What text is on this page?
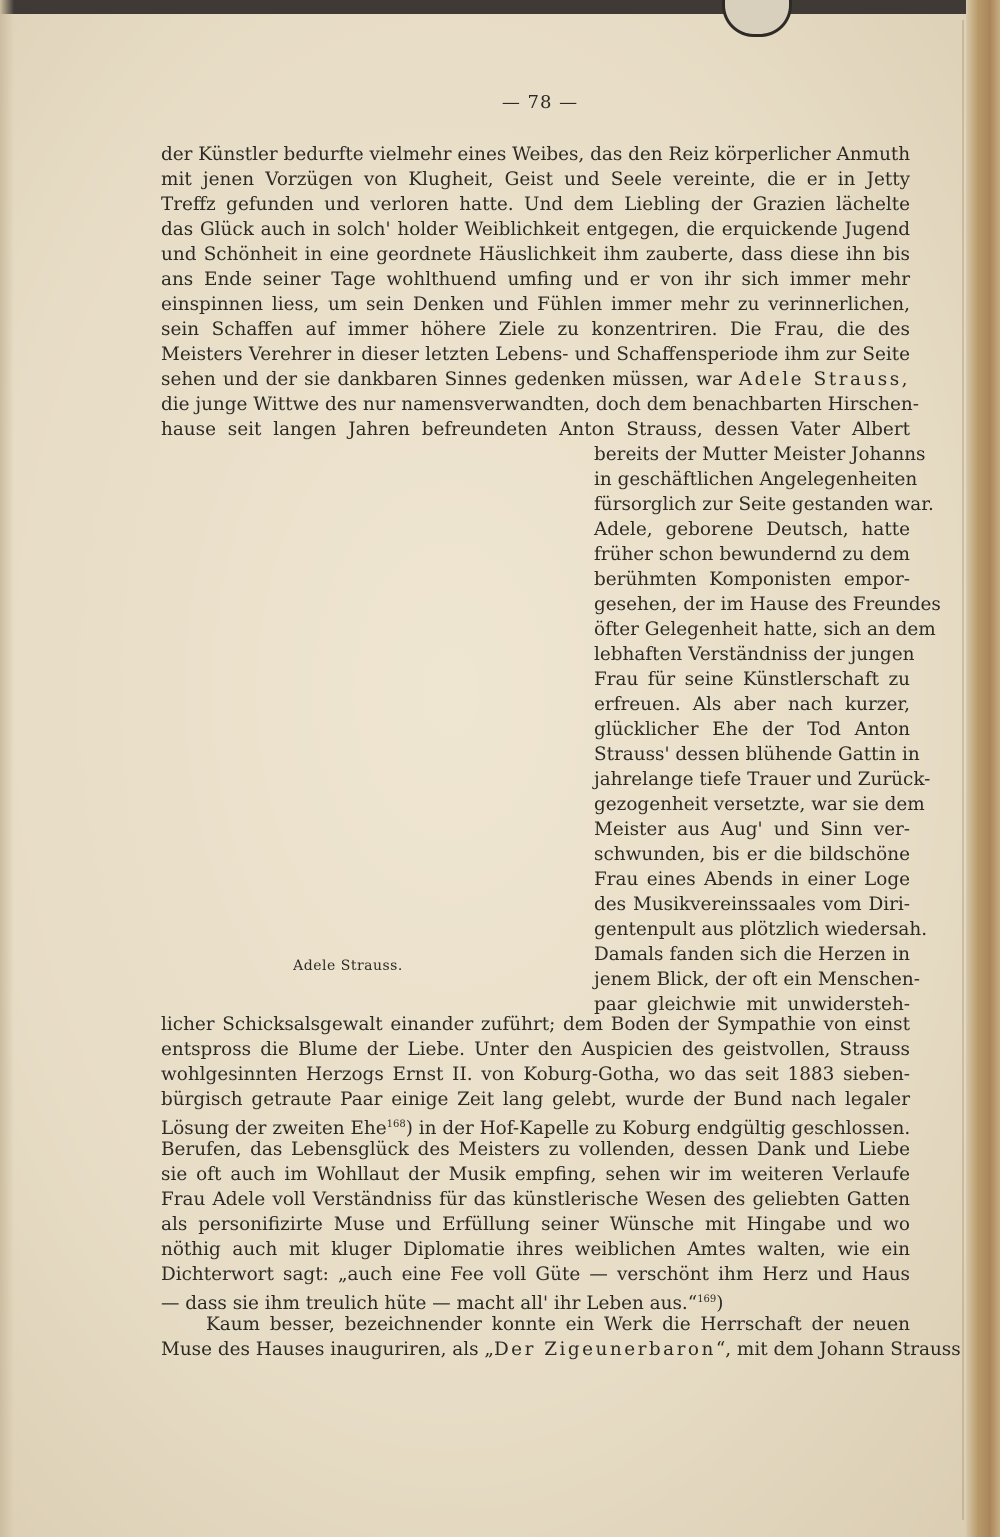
— 78 —
der Künstler bedurfte vielmehr eines Weibes, das den Reiz körperlicher Anmuth
mit jenen Vorzügen von Klugheit, Geist und Seele vereinte, die er in Jetty
Treffz gefunden und verloren hatte. Und dem Liebling der Grazien lächelte
das Glück auch in solch' holder Weiblichkeit entgegen, die erquickende Jugend
und Schönheit in eine geordnete Häuslichkeit ihm zauberte, dass diese ihn bis
ans Ende seiner Tage wohlthuend umfing und er von ihr sich immer mehr
einspinnen liess, um sein Denken und Fühlen immer mehr zu verinnerlichen,
sein Schaffen auf immer höhere Ziele zu konzentriren. Die Frau, die des
Meisters Verehrer in dieser letzten Lebens- und Schaffensperiode ihm zur Seite
sehen und der sie dankbaren Sinnes gedenken müssen, war Adele Strauss,
die junge Wittwe des nur namensverwandten, doch dem benachbarten Hirschen-
hause seit langen Jahren befreundeten Anton Strauss, dessen Vater Albert
bereits der Mutter Meister Johanns
in geschäftlichen Angelegenheiten
fürsorglich zur Seite gestanden war.
Adele, geborene Deutsch, hatte
früher schon bewundernd zu dem
berühmten Komponisten empor-
gesehen, der im Hause des Freundes
öfter Gelegenheit hatte, sich an dem
lebhaften Verständniss der jungen
Frau für seine Künstlerschaft zu
erfreuen. Als aber nach kurzer,
glücklicher Ehe der Tod Anton
Strauss' dessen blühende Gattin in
jahrelange tiefe Trauer und Zurück-
gezogenheit versetzte, war sie dem
Meister aus Aug' und Sinn ver-
schwunden, bis er die bildschöne
Frau eines Abends in einer Loge
des Musikvereinssaales vom Diri-
gentenpult aus plötzlich wiedersah.
Damals fanden sich die Herzen in
jenem Blick, der oft ein Menschen-
paar gleichwie mit unwidersteh-
Adele Strauss.
licher Schicksalsgewalt einander zuführt; dem Boden der Sympathie von einst
entspross die Blume der Liebe. Unter den Auspicien des geistvollen, Strauss
wohlgesinnten Herzogs Ernst II. von Koburg-Gotha, wo das seit 1883 sieben-
bürgisch getraute Paar einige Zeit lang gelebt, wurde der Bund nach legaler
Lösung der zweiten Ehe$^{168}$) in der Hof-Kapelle zu Koburg endgültig geschlossen.
Berufen, das Lebensglück des Meisters zu vollenden, dessen Dank und Liebe
sie oft auch im Wohllaut der Musik empfing, sehen wir im weiteren Verlaufe
Frau Adele voll Verständniss für das künstlerische Wesen des geliebten Gatten
als personifizirte Muse und Erfüllung seiner Wünsche mit Hingabe und wo
nöthig auch mit kluger Diplomatie ihres weiblichen Amtes walten, wie ein
Dichterwort sagt: „auch eine Fee voll Güte — verschönt ihm Herz und Haus
— dass sie ihm treulich hüte — macht all' ihr Leben aus.“$^{169}$)
Kaum besser, bezeichnender konnte ein Werk die Herrschaft der neuen
Muse des Hauses inauguriren, als „Der Zigeunerbaron“, mit dem Johann Strauss
